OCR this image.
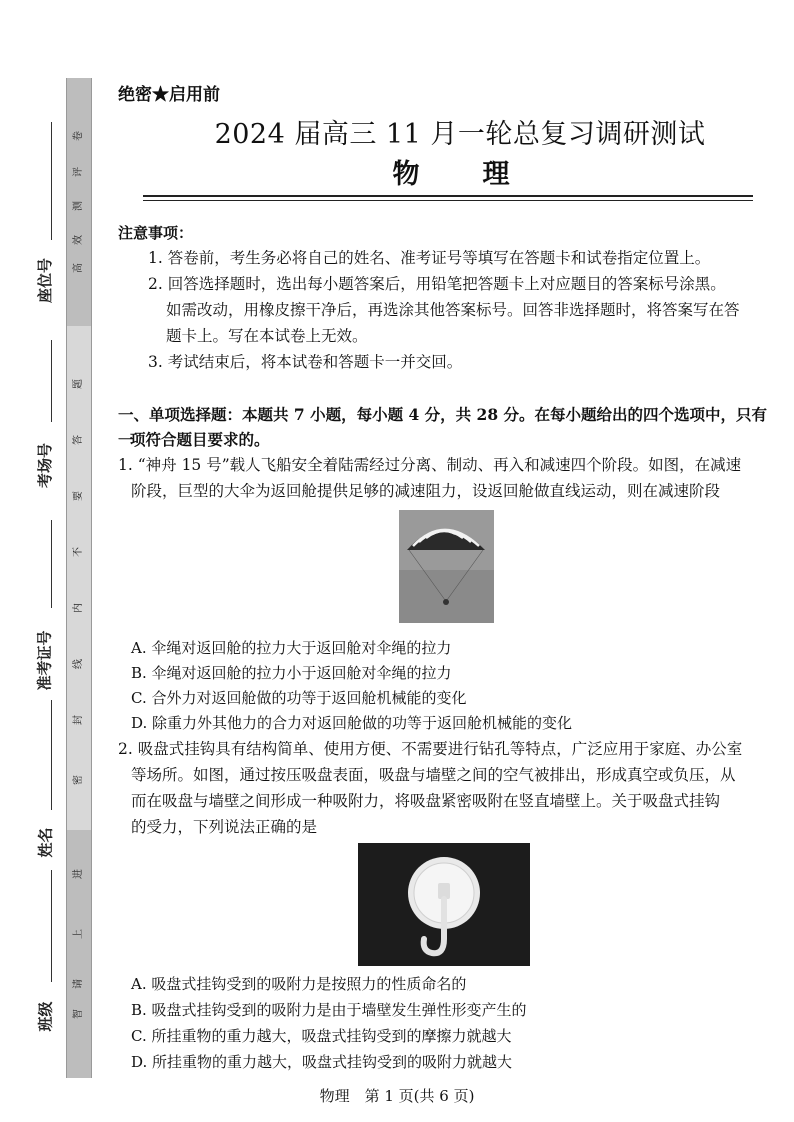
卷
评
测
效
高
题
答
要
不
内
线
封
密
进
上
请
智
座位号
考场号
准考证号
姓名
班级
绝密★启用前
2024 届高三 11 月一轮总复习调研测试
物　理
注意事项：
1. 答卷前，考生务必将自己的姓名、准考证号等填写在答题卡和试卷指定位置上。
2. 回答选择题时，选出每小题答案后，用铅笔把答题卡上对应题目的答案标号涂黑。
如需改动，用橡皮擦干净后，再选涂其他答案标号。回答非选择题时，将答案写在答
题卡上。写在本试卷上无效。
3. 考试结束后，将本试卷和答题卡一并交回。
一、单项选择题：本题共 7 小题，每小题 4 分，共 28 分。在每小题给出的四个选项中，只有一
项符合题目要求的。
1. “神舟 15 号”载人飞船安全着陆需经过分离、制动、再入和减速四个阶段。如图，在减速
阶段，巨型的大伞为返回舱提供足够的减速阻力，设返回舱做直线运动，则在减速阶段
A. 伞绳对返回舱的拉力大于返回舱对伞绳的拉力
B. 伞绳对返回舱的拉力小于返回舱对伞绳的拉力
C. 合外力对返回舱做的功等于返回舱机械能的变化
D. 除重力外其他力的合力对返回舱做的功等于返回舱机械能的变化
2. 吸盘式挂钩具有结构简单、使用方便、不需要进行钻孔等特点，广泛应用于家庭、办公室
等场所。如图，通过按压吸盘表面，吸盘与墙壁之间的空气被排出，形成真空或负压，从
而在吸盘与墙壁之间形成一种吸附力，将吸盘紧密吸附在竖直墙壁上。关于吸盘式挂钩
的受力，下列说法正确的是
A. 吸盘式挂钩受到的吸附力是按照力的性质命名的
B. 吸盘式挂钩受到的吸附力是由于墙壁发生弹性形变产生的
C. 所挂重物的重力越大，吸盘式挂钩受到的摩擦力就越大
D. 所挂重物的重力越大，吸盘式挂钩受到的吸附力就越大
物理　第 1 页(共 6 页)
